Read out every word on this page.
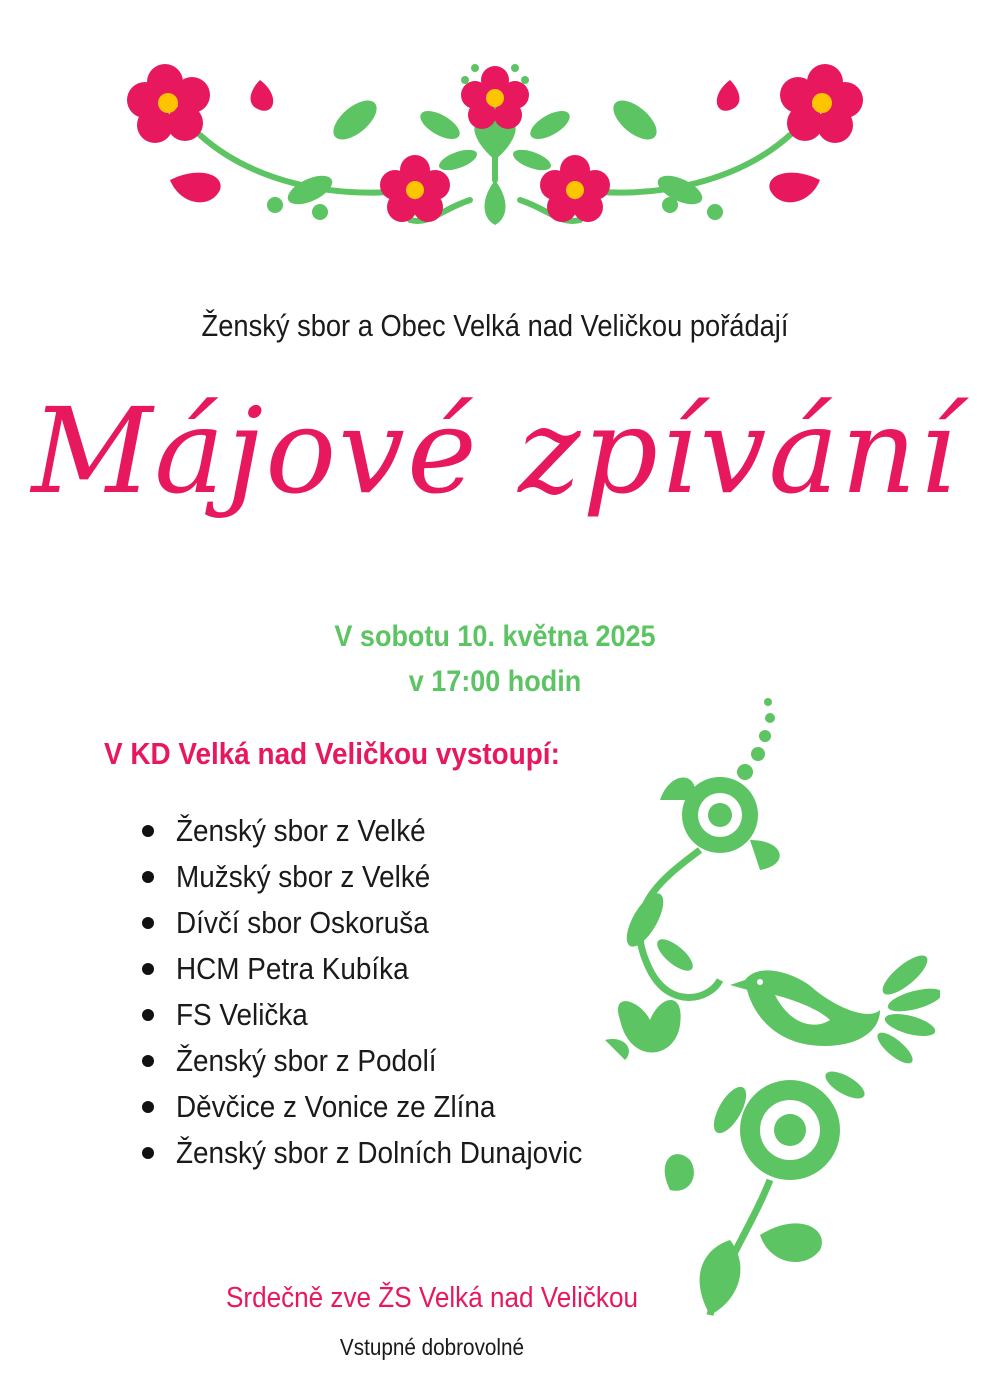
Ženský sbor a Obec Velká nad Veličkou pořádají
Májové zpívání
V sobotu 10. května 2025
v 17:00 hodin
V KD Velká nad Veličkou vystoupí:
Ženský sbor z Velké
Mužský sbor z Velké
Dívčí sbor Oskoruša
HCM Petra Kubíka
FS Velička
Ženský sbor z Podolí
Děvčice z Vonice ze Zlína
Ženský sbor z Dolních Dunajovic
Srdečně zve ŽS Velká nad Veličkou
Vstupné dobrovolné
